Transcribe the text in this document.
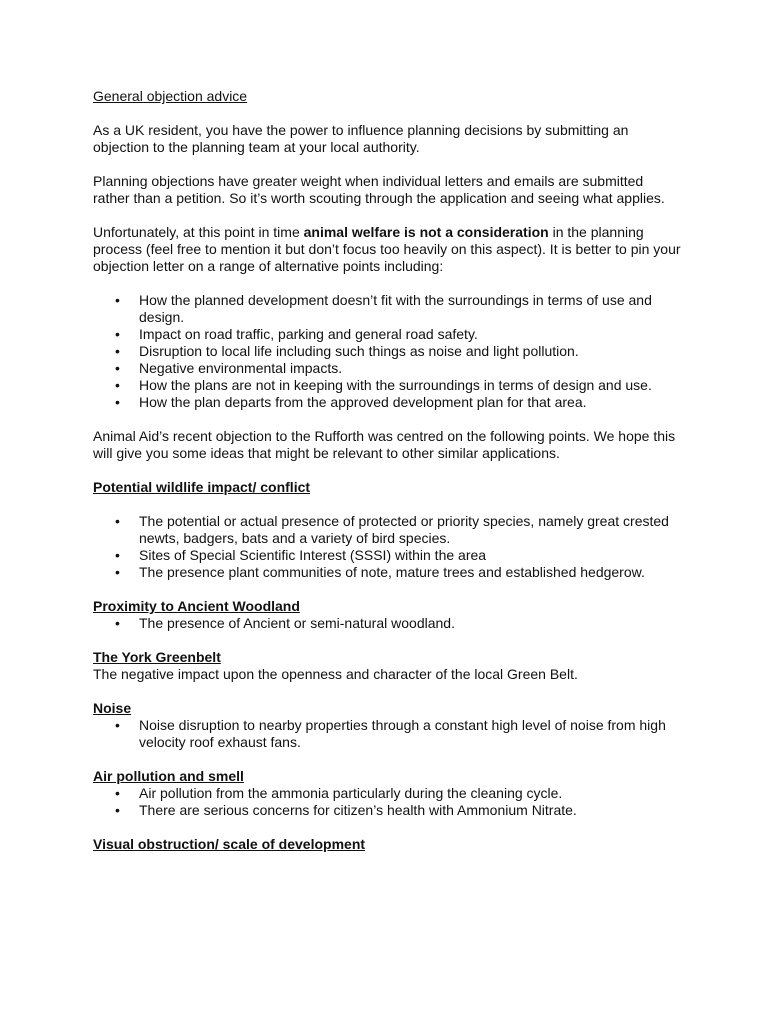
General objection advice

As a UK resident, you have the power to influence planning decisions by submitting an objection to the planning team at your local authority.

Planning objections have greater weight when individual letters and emails are submitted rather than a petition. So it’s worth scouting through the application and seeing what applies.

Unfortunately, at this point in time animal welfare is not a consideration in the planning process (feel free to mention it but don’t focus too heavily on this aspect). It is better to pin your objection letter on a range of alternative points including:

• How the planned development doesn’t fit with the surroundings in terms of use and design.
• Impact on road traffic, parking and general road safety.
• Disruption to local life including such things as noise and light pollution.
• Negative environmental impacts.
• How the plans are not in keeping with the surroundings in terms of design and use.
• How the plan departs from the approved development plan for that area.

Animal Aid’s recent objection to the Rufforth was centred on the following points. We hope this will give you some ideas that might be relevant to other similar applications.

Potential wildlife impact/ conflict

• The potential or actual presence of protected or priority species, namely great crested newts, badgers, bats and a variety of bird species.
• Sites of Special Scientific Interest (SSSI) within the area
• The presence plant communities of note, mature trees and established hedgerow.

Proximity to Ancient Woodland

• The presence of Ancient or semi-natural woodland.

The York Greenbelt

The negative impact upon the openness and character of the local Green Belt.

Noise

• Noise disruption to nearby properties through a constant high level of noise from high velocity roof exhaust fans.

Air pollution and smell

• Air pollution from the ammonia particularly during the cleaning cycle.
• There are serious concerns for citizen’s health with Ammonium Nitrate.

Visual obstruction/ scale of development
